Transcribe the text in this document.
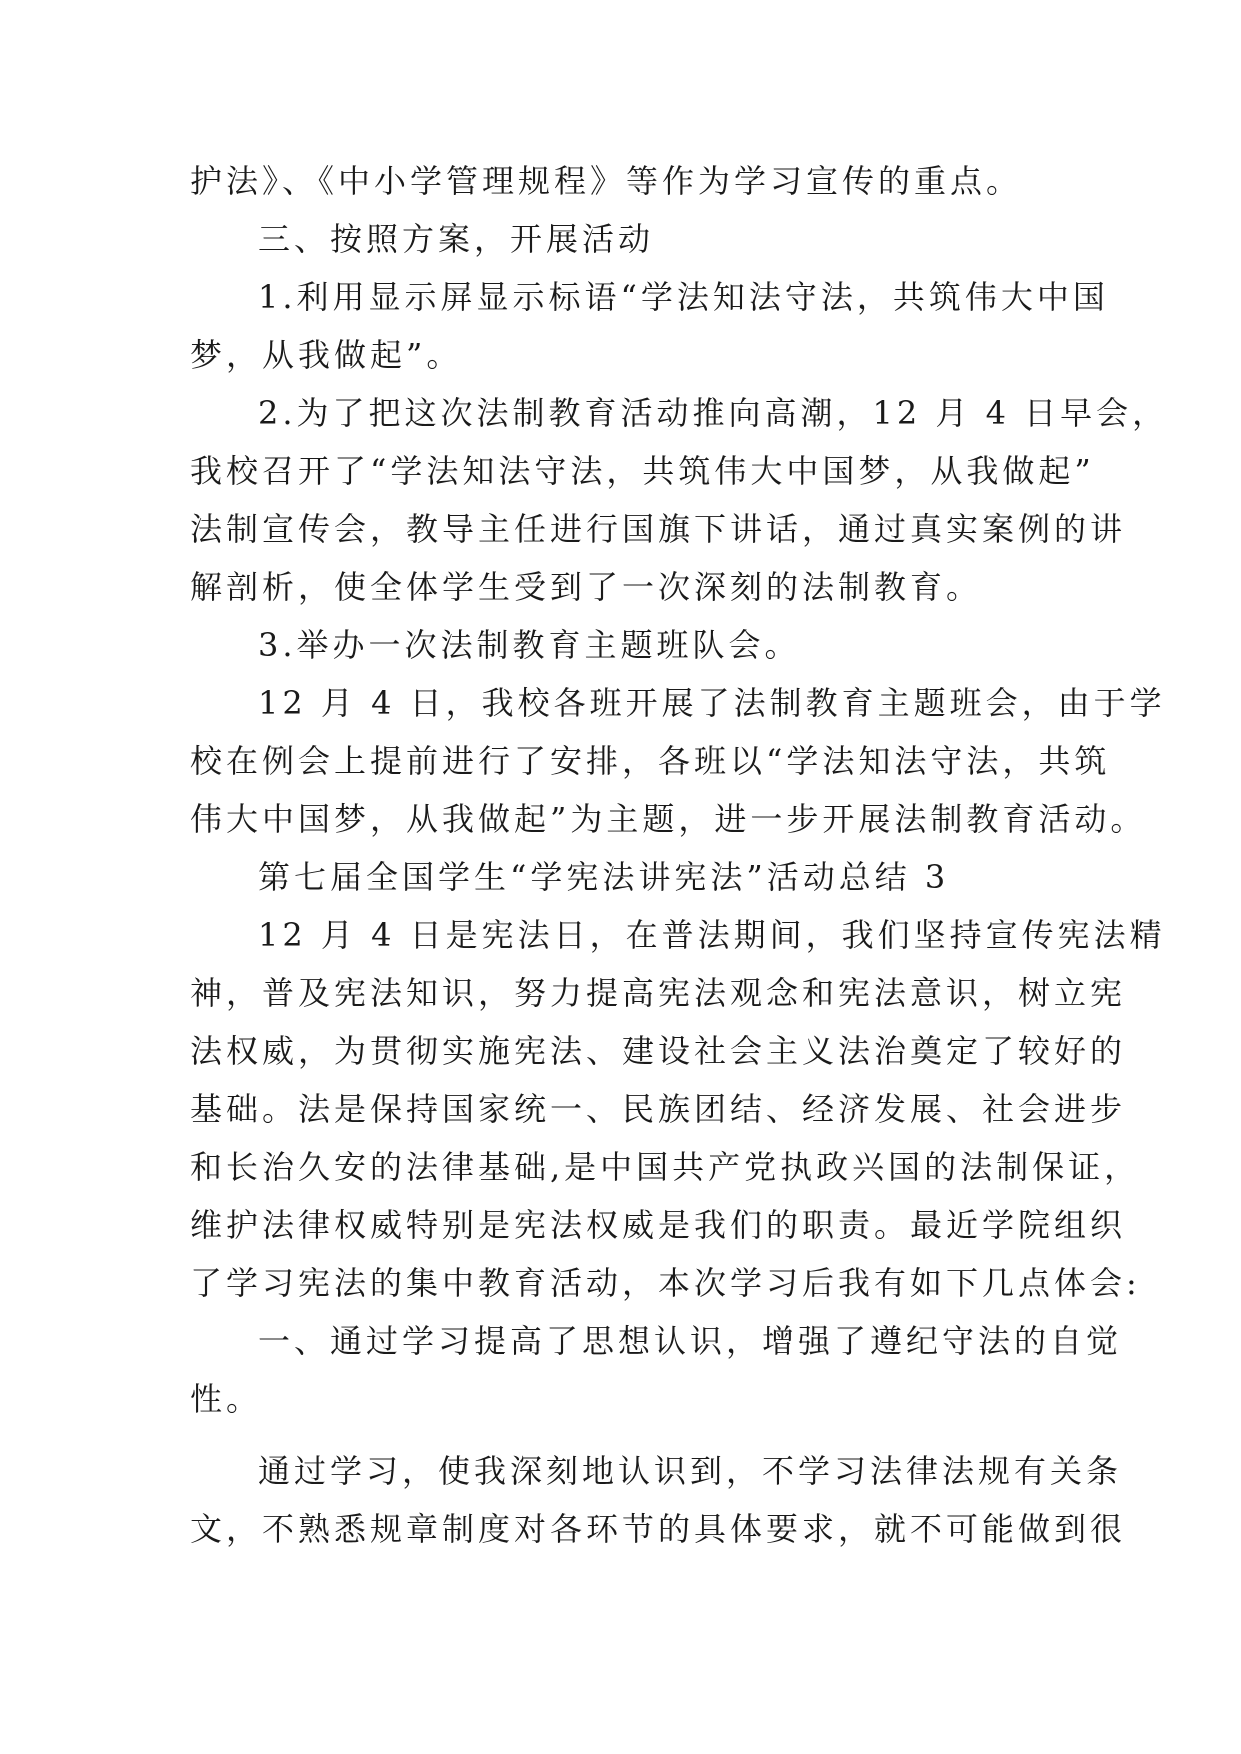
护法》、《中小学管理规程》等作为学习宣传的重点。
三、按照方案，开展活动
1.利用显示屏显示标语“学法知法守法，共筑伟大中国
梦，从我做起”。
2.为了把这次法制教育活动推向高潮，12 月 4 日早会，
我校召开了“学法知法守法，共筑伟大中国梦，从我做起”
法制宣传会，教导主任进行国旗下讲话，通过真实案例的讲
解剖析，使全体学生受到了一次深刻的法制教育。
3.举办一次法制教育主题班队会。
12 月 4 日，我校各班开展了法制教育主题班会，由于学
校在例会上提前进行了安排，各班以“学法知法守法，共筑
伟大中国梦，从我做起”为主题，进一步开展法制教育活动。
第七届全国学生“学宪法讲宪法”活动总结 3
12 月 4 日是宪法日，在普法期间，我们坚持宣传宪法精
神，普及宪法知识，努力提高宪法观念和宪法意识，树立宪
法权威，为贯彻实施宪法、建设社会主义法治奠定了较好的
基础。法是保持国家统一、民族团结、经济发展、社会进步
和长治久安的法律基础,是中国共产党执政兴国的法制保证，
维护法律权威特别是宪法权威是我们的职责。最近学院组织
了学习宪法的集中教育活动，本次学习后我有如下几点体会:
一、通过学习提高了思想认识，增强了遵纪守法的自觉
性。
通过学习，使我深刻地认识到，不学习法律法规有关条
文，不熟悉规章制度对各环节的具体要求，就不可能做到很
